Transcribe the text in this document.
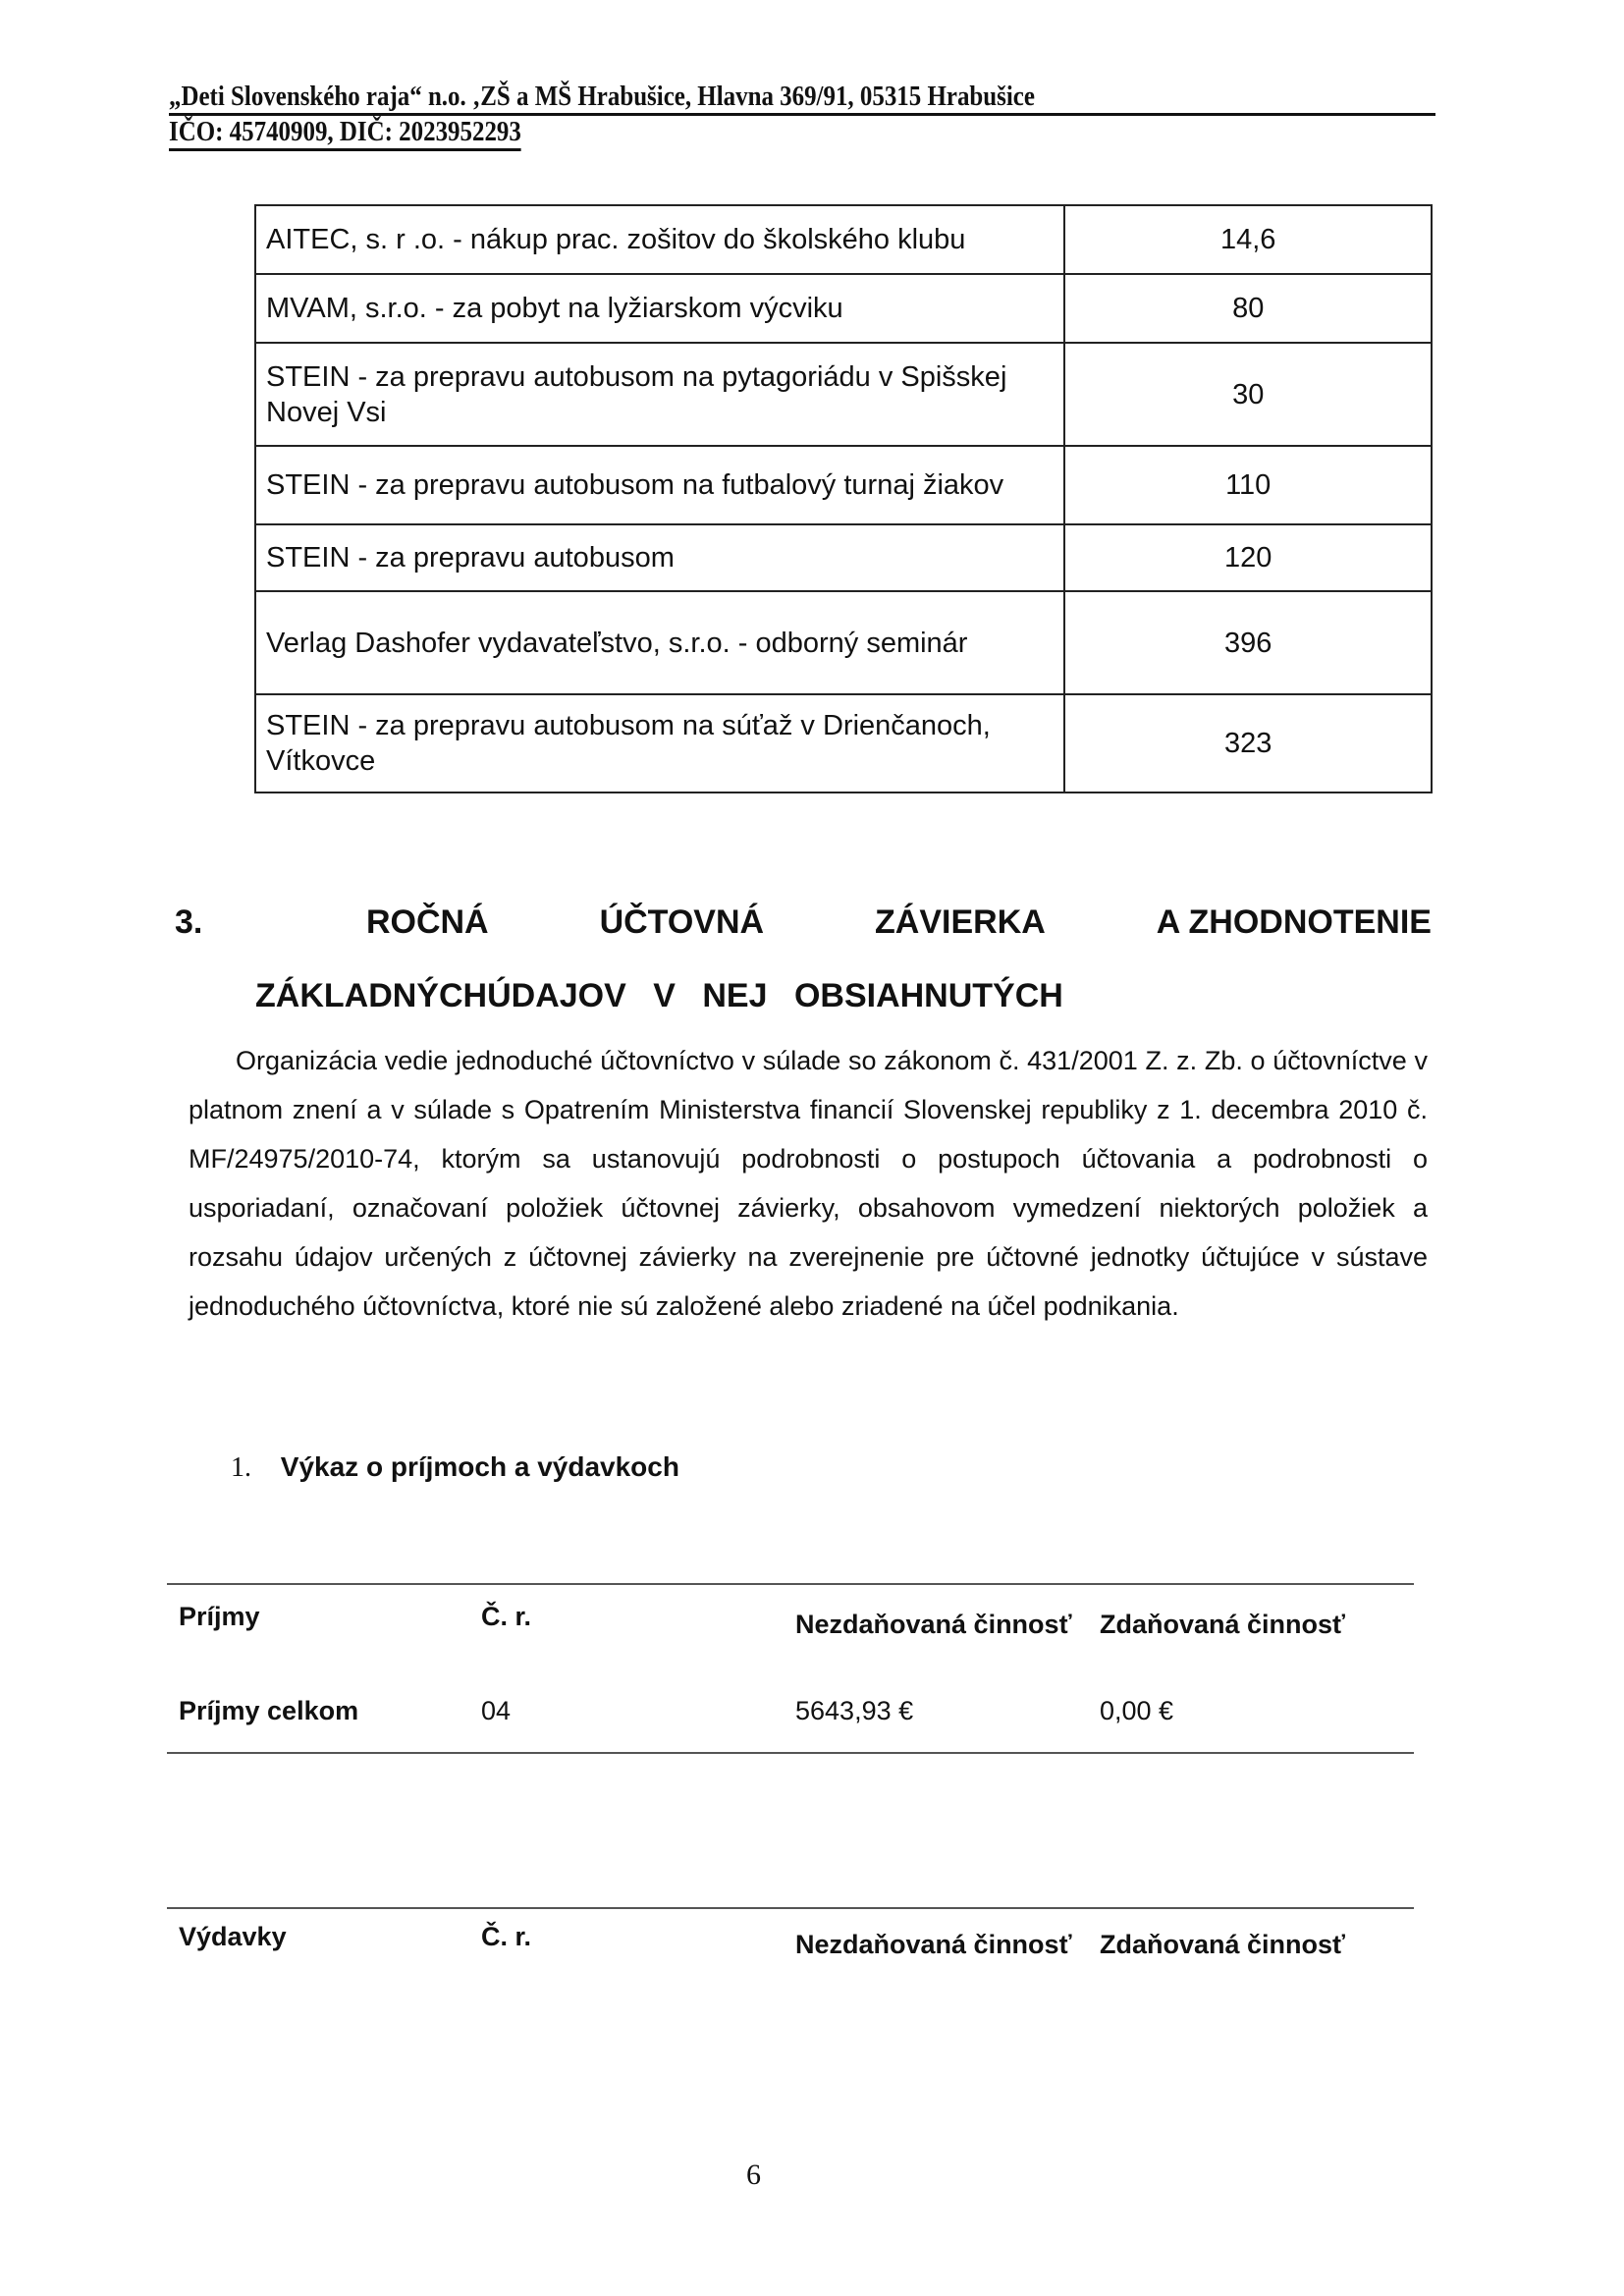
„Deti Slovenského raja“ n.o. ‚ZŠ a MŠ Hrabušice, Hlavna 369/91, 05315 Hrabušice
IČO: 45740909, DIČ: 2023952293
AITEC, s. r .o. - nákup prac. zošitov do školského klubu	14,6
MVAM, s.r.o. - za pobyt na lyžiarskom výcviku	80
STEIN - za prepravu autobusom na pytagoriádu v Spišskej Novej Vsi	30
STEIN - za prepravu autobusom na futbalový turnaj žiakov	110
STEIN - za prepravu autobusom	120
Verlag Dashofer vydavateľstvo, s.r.o. - odborný seminár	396
STEIN - za prepravu autobusom na súťaž v Drienčanoch, Vítkovce	323
3.	ROČNÁ	ÚČTOVNÁ	ZÁVIERKA	A ZHODNOTENIE
ZÁKLADNÝCHÚDAJOV V NEJ OBSIAHNUTÝCH
Organizácia vedie jednoduché účtovníctvo v súlade so zákonom č. 431/2001 Z. z. Zb. o účtovníctve v platnom znení a v súlade s Opatrením Ministerstva financií Slovenskej republiky z 1. decembra 2010 č. MF/24975/2010-74, ktorým sa ustanovujú podrobnosti o postupoch účtovania a podrobnosti o usporiadaní, označovaní položiek účtovnej závierky, obsahovom vymedzení niektorých položiek a rozsahu údajov určených z účtovnej závierky na zverejnenie pre účtovné jednotky účtujúce v sústave jednoduchého účtovníctva, ktoré nie sú založené alebo zriadené na účel podnikania.
1. Výkaz o príjmoch a výdavkoch
Príjmy	Č. r.	Nezdaňovaná činnosť	Zdaňovaná činnosť
Príjmy celkom	04	5643,93 €	0,00 €
Výdavky	Č. r.	Nezdaňovaná činnosť	Zdaňovaná činnosť
6
